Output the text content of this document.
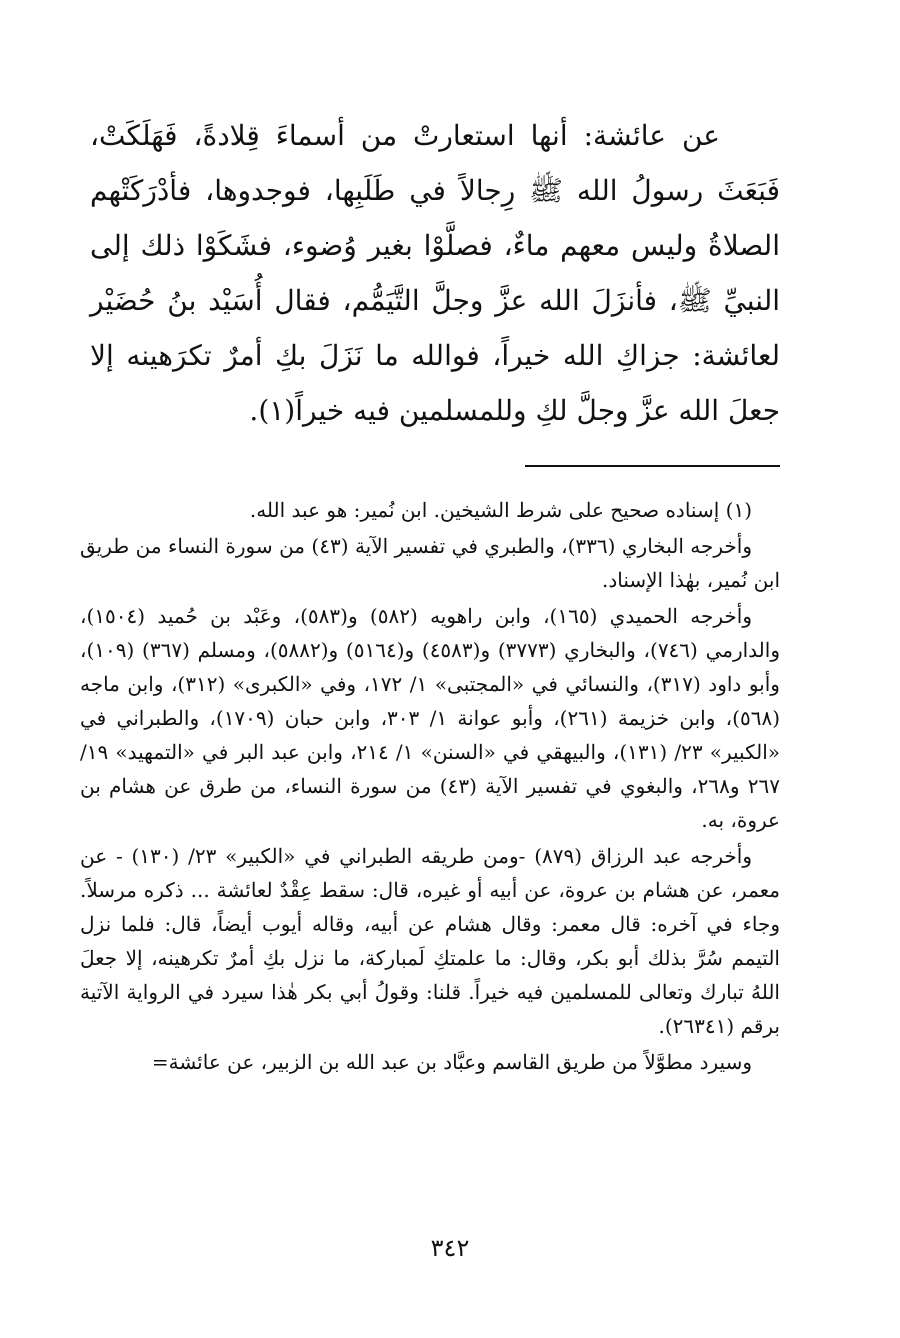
عن عائشة: أنها استعارتْ من أسماءَ قِلادةً، فَهَلَكَتْ، فَبَعَثَ رسولُ الله ﷺ رِجالاً في طَلَبِها، فوجدوها، فأدْرَكَتْهم الصلاةُ وليس معهم ماءٌ، فصلَّوْا بغير وُضوء، فشَكَوْا ذلك إلى النبيِّ ﷺ، فأنزَلَ الله عزَّ وجلَّ التَّيَمُّم، فقال أُسَيْد بنُ حُضَيْر لعائشة: جزاكِ الله خيراً، فوالله ما نَزَلَ بكِ أمرٌ تكرَهينه إلا جعلَ الله عزَّ وجلَّ لكِ وللمسلمين فيه خيراً(١).

(١) إسناده صحيح على شرط الشيخين. ابن نُمير: هو عبد الله.

وأخرجه البخاري (٣٣٦)، والطبري في تفسير الآية (٤٣) من سورة النساء من طريق ابن نُمير، بهٰذا الإسناد.

وأخرجه الحميدي (١٦٥)، وابن راهويه (٥٨٢) و(٥٨٣)، وعَبْد بن حُميد (١٥٠٤)، والدارمي (٧٤٦)، والبخاري (٣٧٧٣) و(٤٥٨٣) و(٥١٦٤) و(٥٨٨٢)، ومسلم (٣٦٧) (١٠٩)، وأبو داود (٣١٧)، والنسائي في «المجتبى» ١/ ١٧٢، وفي «الكبرى» (٣١٢)، وابن ماجه (٥٦٨)، وابن خزيمة (٢٦١)، وأبو عوانة ١/ ٣٠٣، وابن حبان (١٧٠٩)، والطبراني في «الكبير» ٢٣/ (١٣١)، والبيهقي في «السنن» ١/ ٢١٤، وابن عبد البر في «التمهيد» ١٩/ ٢٦٧ و٢٦٨، والبغوي في تفسير الآية (٤٣) من سورة النساء، من طرق عن هشام بن عروة، به.

وأخرجه عبد الرزاق (٨٧٩) -ومن طريقه الطبراني في «الكبير» ٢٣/ (١٣٠) - عن معمر، عن هشام بن عروة، عن أبيه أو غيره، قال: سقط عِقْدٌ لعائشة ... ذكره مرسلاً. وجاء في آخره: قال معمر: وقال هشام عن أبيه، وقاله أيوب أيضاً، قال: فلما نزل التيمم سُرَّ بذلك أبو بكر، وقال: ما علمتكِ لَمباركة، ما نزل بكِ أمرٌ تكرهينه، إلا جعلَ اللهُ تبارك وتعالى للمسلمين فيه خيراً. قلنا: وقولُ أبي بكر هٰذا سيرد في الرواية الآتية برقم (٢٦٣٤١).

وسيرد مطوَّلاً من طريق القاسم وعبَّاد بن عبد الله بن الزبير، عن عائشة=

٣٤٢
